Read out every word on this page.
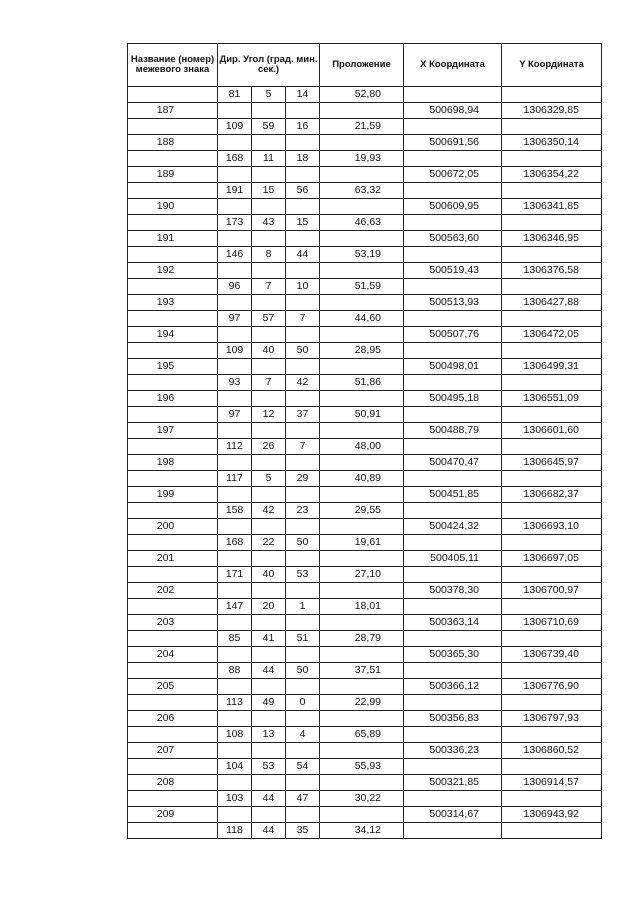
Название (номер) межевого знака	Дир. Угол (град. мин. сек.)			Проложение	X Координата	Y Координата
	81	5	14	52,80		
187					500698,94	1306329,85
	109	59	16	21,59		
188					500691,56	1306350,14
	168	11	18	19,93		
189					500672,05	1306354,22
	191	15	56	63,32		
190					500609,95	1306341,85
	173	43	15	46,63		
191					500563,60	1306346,95
	146	8	44	53,19		
192					500519,43	1306376,58
	96	7	10	51,59		
193					500513,93	1306427,88
	97	57	7	44,60		
194					500507,76	1306472,05
	109	40	50	28,95		
195					500498,01	1306499,31
	93	7	42	51,86		
196					500495,18	1306551,09
	97	12	37	50,91		
197					500488,79	1306601,60
	112	26	7	48,00		
198					500470,47	1306645,97
	117	5	29	40,89		
199					500451,85	1306682,37
	158	42	23	29,55		
200					500424,32	1306693,10
	168	22	50	19,61		
201					500405,11	1306697,05
	171	40	53	27,10		
202					500378,30	1306700,97
	147	20	1	18,01		
203					500363,14	1306710,69
	85	41	51	28,79		
204					500365,30	1306739,40
	88	44	50	37,51		
205					500366,12	1306776,90
	113	49	0	22,99		
206					500356,83	1306797,93
	108	13	4	65,89		
207					500336,23	1306860,52
	104	53	54	55,93		
208					500321,85	1306914,57
	103	44	47	30,22		
209					500314,67	1306943,92
	118	44	35	34,12		
